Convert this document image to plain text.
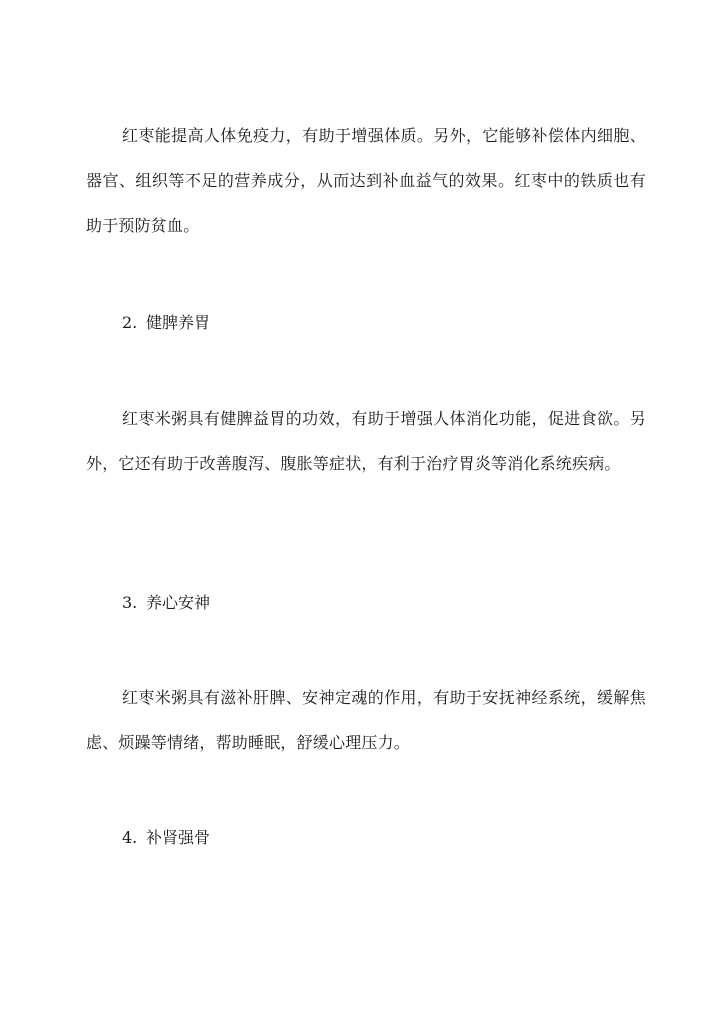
红枣能提高人体免疫力，有助于增强体质。另外，它能够补偿体内细胞、器官、组织等不足的营养成分，从而达到补血益气的效果。红枣中的铁质也有助于预防贫血。

2. 健脾养胃

红枣米粥具有健脾益胃的功效，有助于增强人体消化功能，促进食欲。另外，它还有助于改善腹泻、腹胀等症状，有利于治疗胃炎等消化系统疾病。

3. 养心安神

红枣米粥具有滋补肝脾、安神定魂的作用，有助于安抚神经系统，缓解焦虑、烦躁等情绪，帮助睡眠，舒缓心理压力。

4. 补肾强骨
